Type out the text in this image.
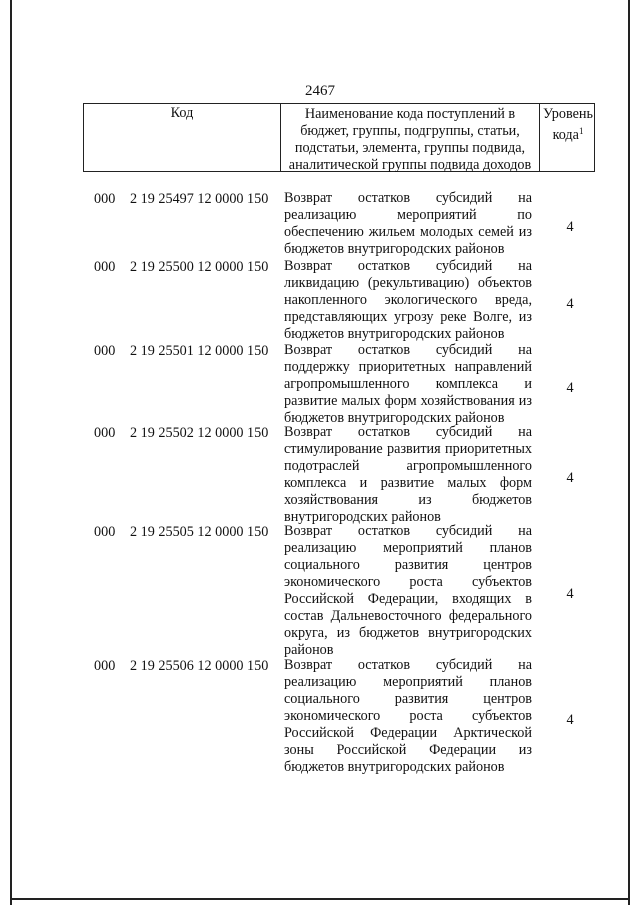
2467
Код	Наименование кода поступлений в
бюджет, группы, подгруппы, статьи,
подстатьи, элемента, группы подвида,
аналитической группы подвида доходов
Уровень
кода$^1$
000 2 19 25497 12 0000 150 Возврат остатков субсидий на
реализацию мероприятий по
обеспечению жильем молодых семей из
бюджетов внутригородских районов
4
000 2 19 25500 12 0000 150 Возврат остатков субсидий на
ликвидацию (рекультивацию) объектов
накопленного экологического вреда,
представляющих угрозу реке Волге, из
бюджетов внутригородских районов
4
000 2 19 25501 12 0000 150 Возврат остатков субсидий на
поддержку приоритетных направлений
агропромышленного комплекса и
развитие малых форм хозяйствования из
бюджетов внутригородских районов
4
000 2 19 25502 12 0000 150 Возврат остатков субсидий на
стимулирование развития приоритетных
подотраслей агропромышленного
комплекса и развитие малых форм
хозяйствования из бюджетов
внутригородских районов
4
000 2 19 25505 12 0000 150 Возврат остатков субсидий на
реализацию мероприятий планов
социального развития центров
экономического роста субъектов
Российской Федерации, входящих в
состав Дальневосточного федерального
округа, из бюджетов внутригородских
районов
4
000 2 19 25506 12 0000 150 Возврат остатков субсидий на
реализацию мероприятий планов
социального развития центров
экономического роста субъектов
Российской Федерации Арктической
зоны Российской Федерации из
бюджетов внутригородских районов
4
